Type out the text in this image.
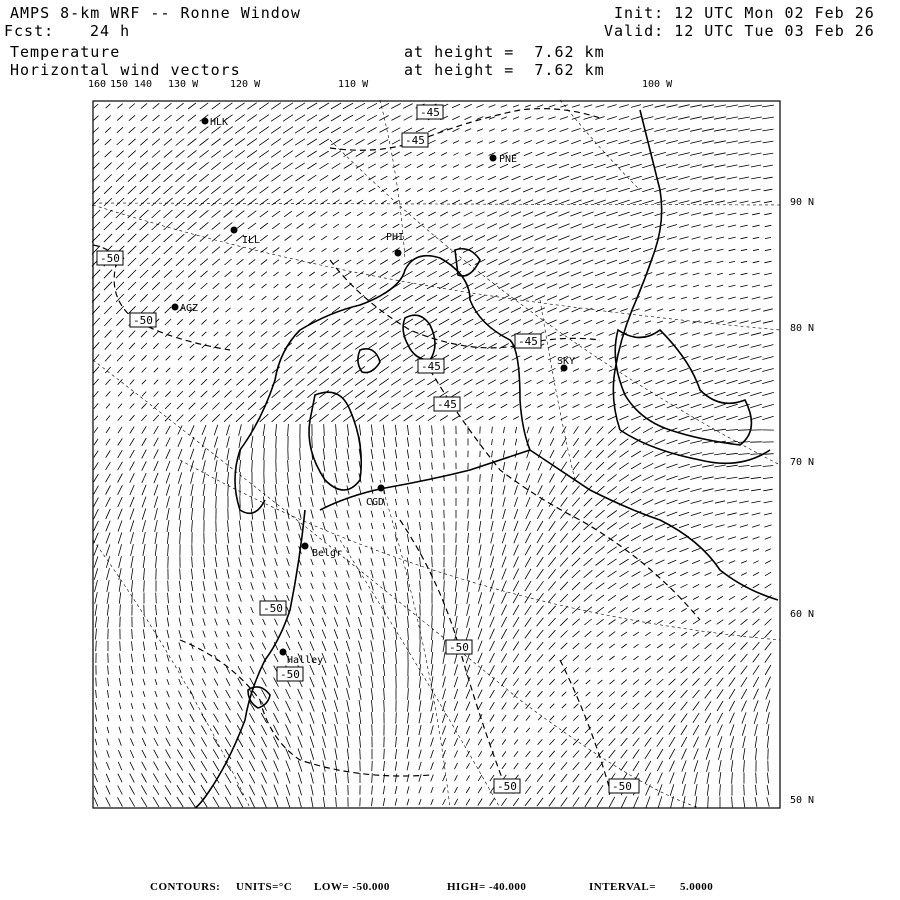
AMPS 8-km WRF -- Ronne Window
Fcst: 24 h
Init: 12 UTC Mon 02 Feb 26
Valid: 12 UTC Tue 03 Feb 26
Temperature
Horizontal wind vectors
at height =  7.62 km
at height =  7.62 km
160 150 140 130 W	120 W	110 W	100 W
90 N
80 N
70 N
60 N
50 N
HLK
PNE
ILL	PHI
AGZ
SKY
CGD
Belgr
Halley
-45
-45
-50
-50
-45
-45
-45
-50
-50
-50
-50	-50
CONTOURS: UNITS=°C LOW= -50.000	HIGH= -40.000	INTERVAL= 5.0000
